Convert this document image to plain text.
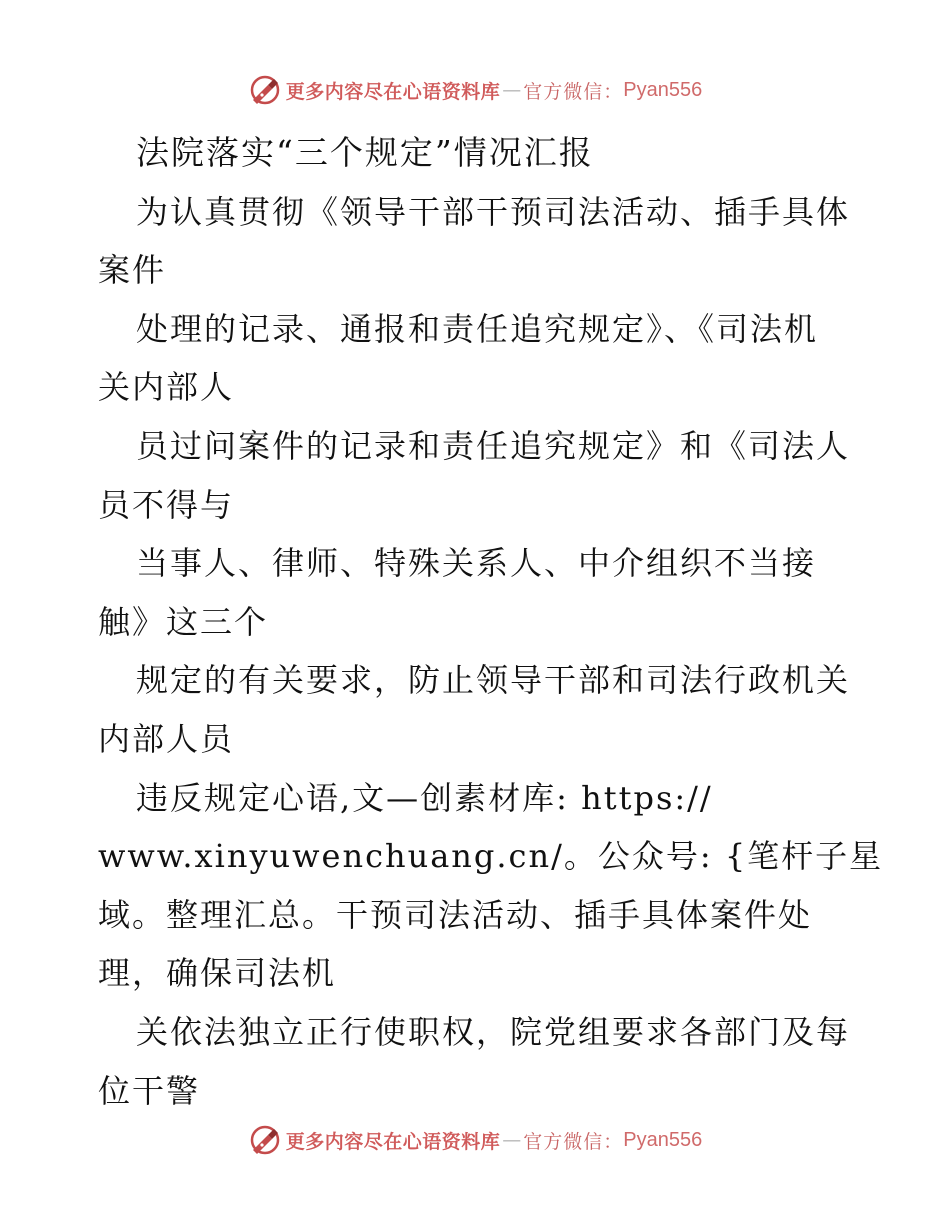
更多内容尽在心语资料库 — 官方微信： Pyan556
法院落实“三个规定”情况汇报
为认真贯彻《领导干部干预司法活动、插手具体
案件
处理的记录、通报和责任追究规定》、《司法机
关内部人
员过问案件的记录和责任追究规定》和《司法人
员不得与
当事人、律师、特殊关系人、中介组织不当接
触》这三个
规定的有关要求，防止领导干部和司法行政机关
内部人员
违反规定心语,文—创素材库: https://
www.xinyuwenchuang.cn/。公众号: {笔杆子星
域。整理汇总。干预司法活动、插手具体案件处
理，确保司法机
关依法独立正行使职权，院党组要求各部门及每
位干警
更多内容尽在心语资料库 — 官方微信： Pyan556
